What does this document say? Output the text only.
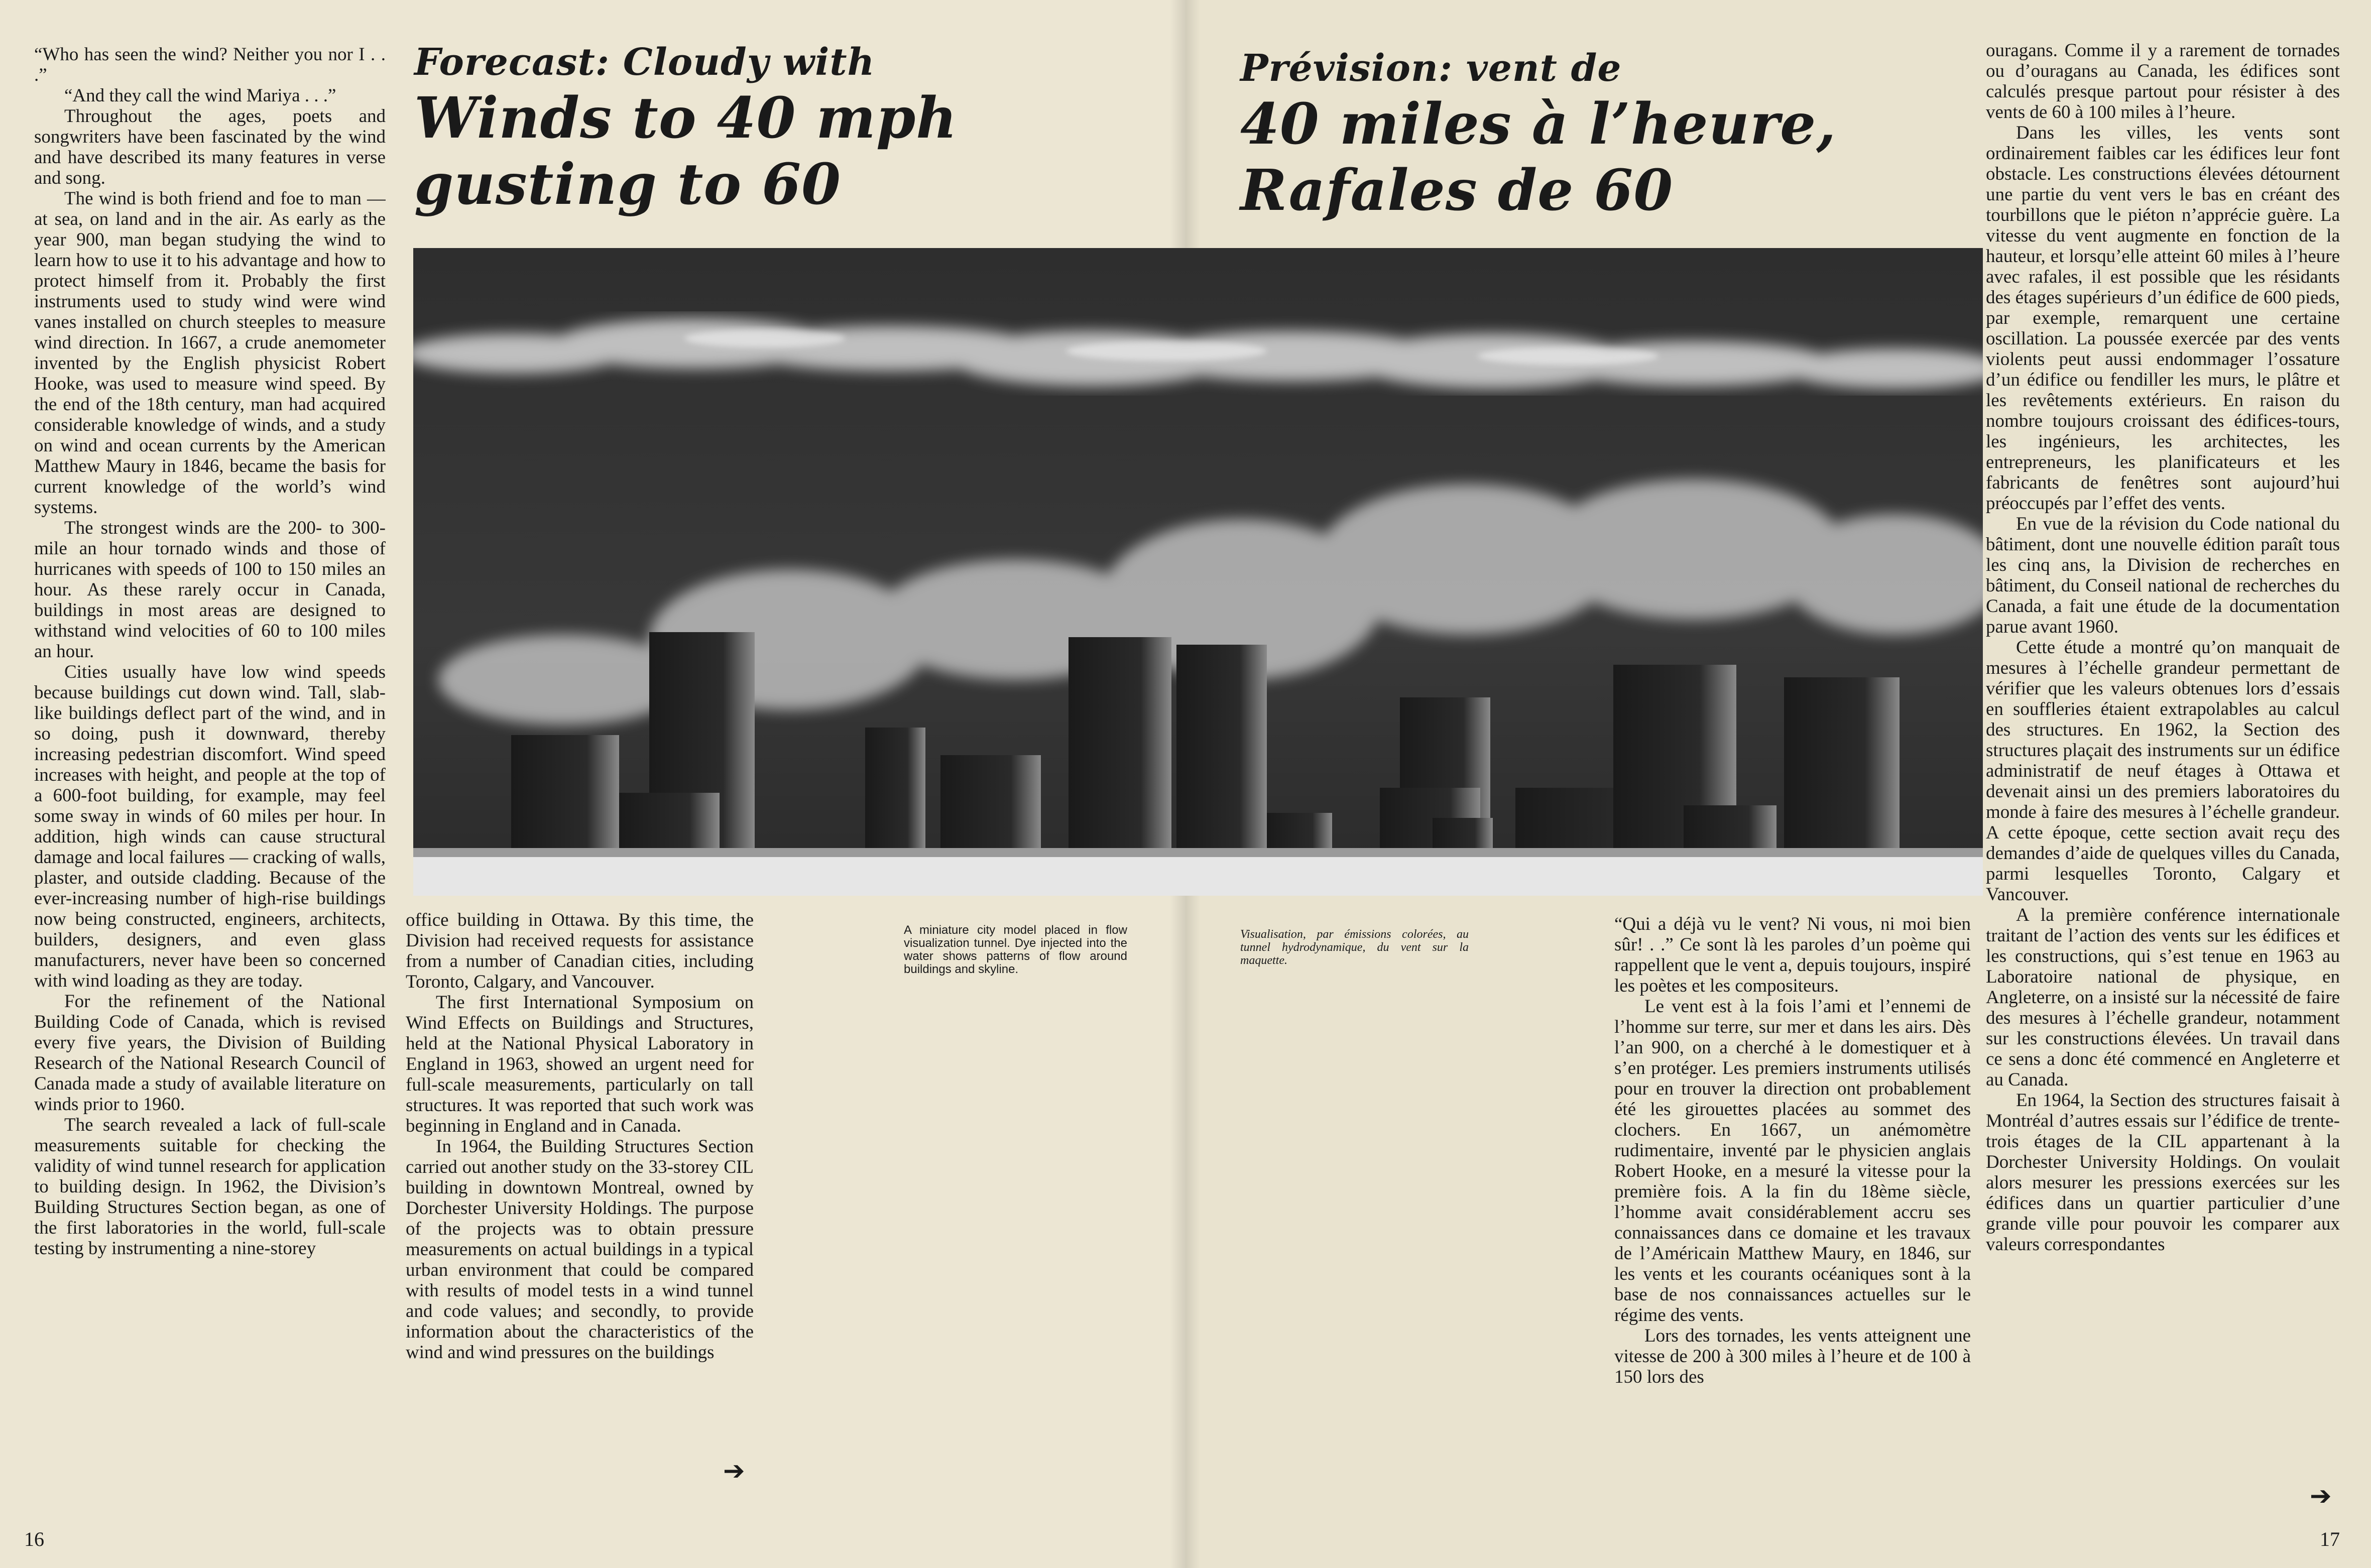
Forecast: Cloudy with
Winds to 40 mph
gusting to 60
Prévision: vent de
40 miles à l’heure,
Rafales de 60

“Who has seen the wind? Neither you nor I . . .”

“And they call the wind Mariya . . .”

Throughout the ages, poets and songwriters have been fascinated by the wind and have described its many features in verse and song.

The wind is both friend and foe to man — at sea, on land and in the air. As early as the year 900, man began studying the wind to learn how to use it to his advantage and how to protect himself from it. Probably the first instruments used to study wind were wind vanes installed on church steeples to measure wind direction. In 1667, a crude anemometer invented by the English physicist Robert Hooke, was used to measure wind speed. By the end of the 18th century, man had acquired considerable knowledge of winds, and a study on wind and ocean currents by the American Matthew Maury in 1846, became the basis for current knowledge of the world’s wind systems.

The strongest winds are the 200- to 300-mile an hour tornado winds and those of hurricanes with speeds of 100 to 150 miles an hour. As these rarely occur in Canada, buildings in most areas are designed to withstand wind velocities of 60 to 100 miles an hour.

Cities usually have low wind speeds because buildings cut down wind. Tall, slab-like buildings deflect part of the wind, and in so doing, push it downward, thereby increasing pedestrian discomfort. Wind speed increases with height, and people at the top of a 600-foot building, for example, may feel some sway in winds of 60 miles per hour. In addition, high winds can cause structural damage and local failures — cracking of walls, plaster, and outside cladding. Because of the ever-increasing number of high-rise buildings now being constructed, engineers, architects, builders, designers, and even glass manufacturers, never have been so concerned with wind loading as they are today.

For the refinement of the National Building Code of Canada, which is revised every five years, the Division of Building Research of the National Research Council of Canada made a study of available literature on winds prior to 1960.

The search revealed a lack of full-scale measurements suitable for checking the validity of wind tunnel research for application to building design. In 1962, the Division’s Building Structures Section began, as one of the first laboratories in the world, full-scale testing by instrumenting a nine-storey

office building in Ottawa. By this time, the Division had received requests for assistance from a number of Canadian cities, including Toronto, Calgary, and Vancouver.

The first International Symposium on Wind Effects on Buildings and Structures, held at the National Physical Laboratory in England in 1963, showed an urgent need for full-scale measurements, particularly on tall structures. It was reported that such work was beginning in England and in Canada.

In 1964, the Building Structures Section carried out another study on the 33-storey CIL building in downtown Montreal, owned by Dorchester University Holdings. The purpose of the projects was to obtain pressure measurements on actual buildings in a typical urban environment that could be compared with results of model tests in a wind tunnel and code values; and secondly, to provide information about the characteristics of the wind and wind pressures on the buildings

A miniature city model placed in flow visualization tunnel. Dye injected into the water shows patterns of flow around buildings and skyline.
Visualisation, par émissions colorées, au tunnel hydrodynamique, du vent sur la maquette.

“Qui a déjà vu le vent? Ni vous, ni moi bien sûr! . .” Ce sont là les paroles d’un poème qui rappellent que le vent a, depuis toujours, inspiré les poètes et les compositeurs.

Le vent est à la fois l’ami et l’ennemi de l’homme sur terre, sur mer et dans les airs. Dès l’an 900, on a cherché à le domestiquer et à s’en protéger. Les premiers instruments utilisés pour en trouver la direction ont probablement été les girouettes placées au sommet des clochers. En 1667, un anémomètre rudimentaire, inventé par le physicien anglais Robert Hooke, en a mesuré la vitesse pour la première fois. A la fin du 18ème siècle, l’homme avait considérablement accru ses connaissances dans ce domaine et les travaux de l’Américain Matthew Maury, en 1846, sur les vents et les courants océaniques sont à la base de nos connaissances actuelles sur le régime des vents.

Lors des tornades, les vents atteignent une vitesse de 200 à 300 miles à l’heure et de 100 à 150 lors des

ouragans. Comme il y a rarement de tornades ou d’ouragans au Canada, les édifices sont calculés presque partout pour résister à des vents de 60 à 100 miles à l’heure.

Dans les villes, les vents sont ordinairement faibles car les édifices leur font obstacle. Les constructions élevées détournent une partie du vent vers le bas en créant des tourbillons que le piéton n’apprécie guère. La vitesse du vent augmente en fonction de la hauteur, et lorsqu’elle atteint 60 miles à l’heure avec rafales, il est possible que les résidants des étages supérieurs d’un édifice de 600 pieds, par exemple, remarquent une certaine oscillation. La poussée exercée par des vents violents peut aussi endommager l’ossature d’un édifice ou fendiller les murs, le plâtre et les revêtements extérieurs. En raison du nombre toujours croissant des édifices-tours, les ingénieurs, les architectes, les entrepreneurs, les planificateurs et les fabricants de fenêtres sont aujourd’hui préoccupés par l’effet des vents.

En vue de la révision du Code national du bâtiment, dont une nouvelle édition paraît tous les cinq ans, la Division de recherches en bâtiment, du Conseil national de recherches du Canada, a fait une étude de la documentation parue avant 1960.

Cette étude a montré qu’on manquait de mesures à l’échelle grandeur permettant de vérifier que les valeurs obtenues lors d’essais en souffleries étaient extrapolables au calcul des structures. En 1962, la Section des structures plaçait des instruments sur un édifice administratif de neuf étages à Ottawa et devenait ainsi un des premiers laboratoires du monde à faire des mesures à l’échelle grandeur. A cette époque, cette section avait reçu des demandes d’aide de quelques villes du Canada, parmi lesquelles Toronto, Calgary et Vancouver.

A la première conférence internationale traitant de l’action des vents sur les édifices et les constructions, qui s’est tenue en 1963 au Laboratoire national de physique, en Angleterre, on a insisté sur la nécessité de faire des mesures à l’échelle grandeur, notamment sur les constructions élevées. Un travail dans ce sens a donc été commencé en Angleterre et au Canada.

En 1964, la Section des structures faisait à Montréal d’autres essais sur l’édifice de trente-trois étages de la CIL appartenant à la Dorchester University Holdings. On voulait alors mesurer les pressions exercées sur les édifices dans un quartier particulier d’une grande ville pour pouvoir les comparer aux valeurs correspondantes

➔
➔
16	17
